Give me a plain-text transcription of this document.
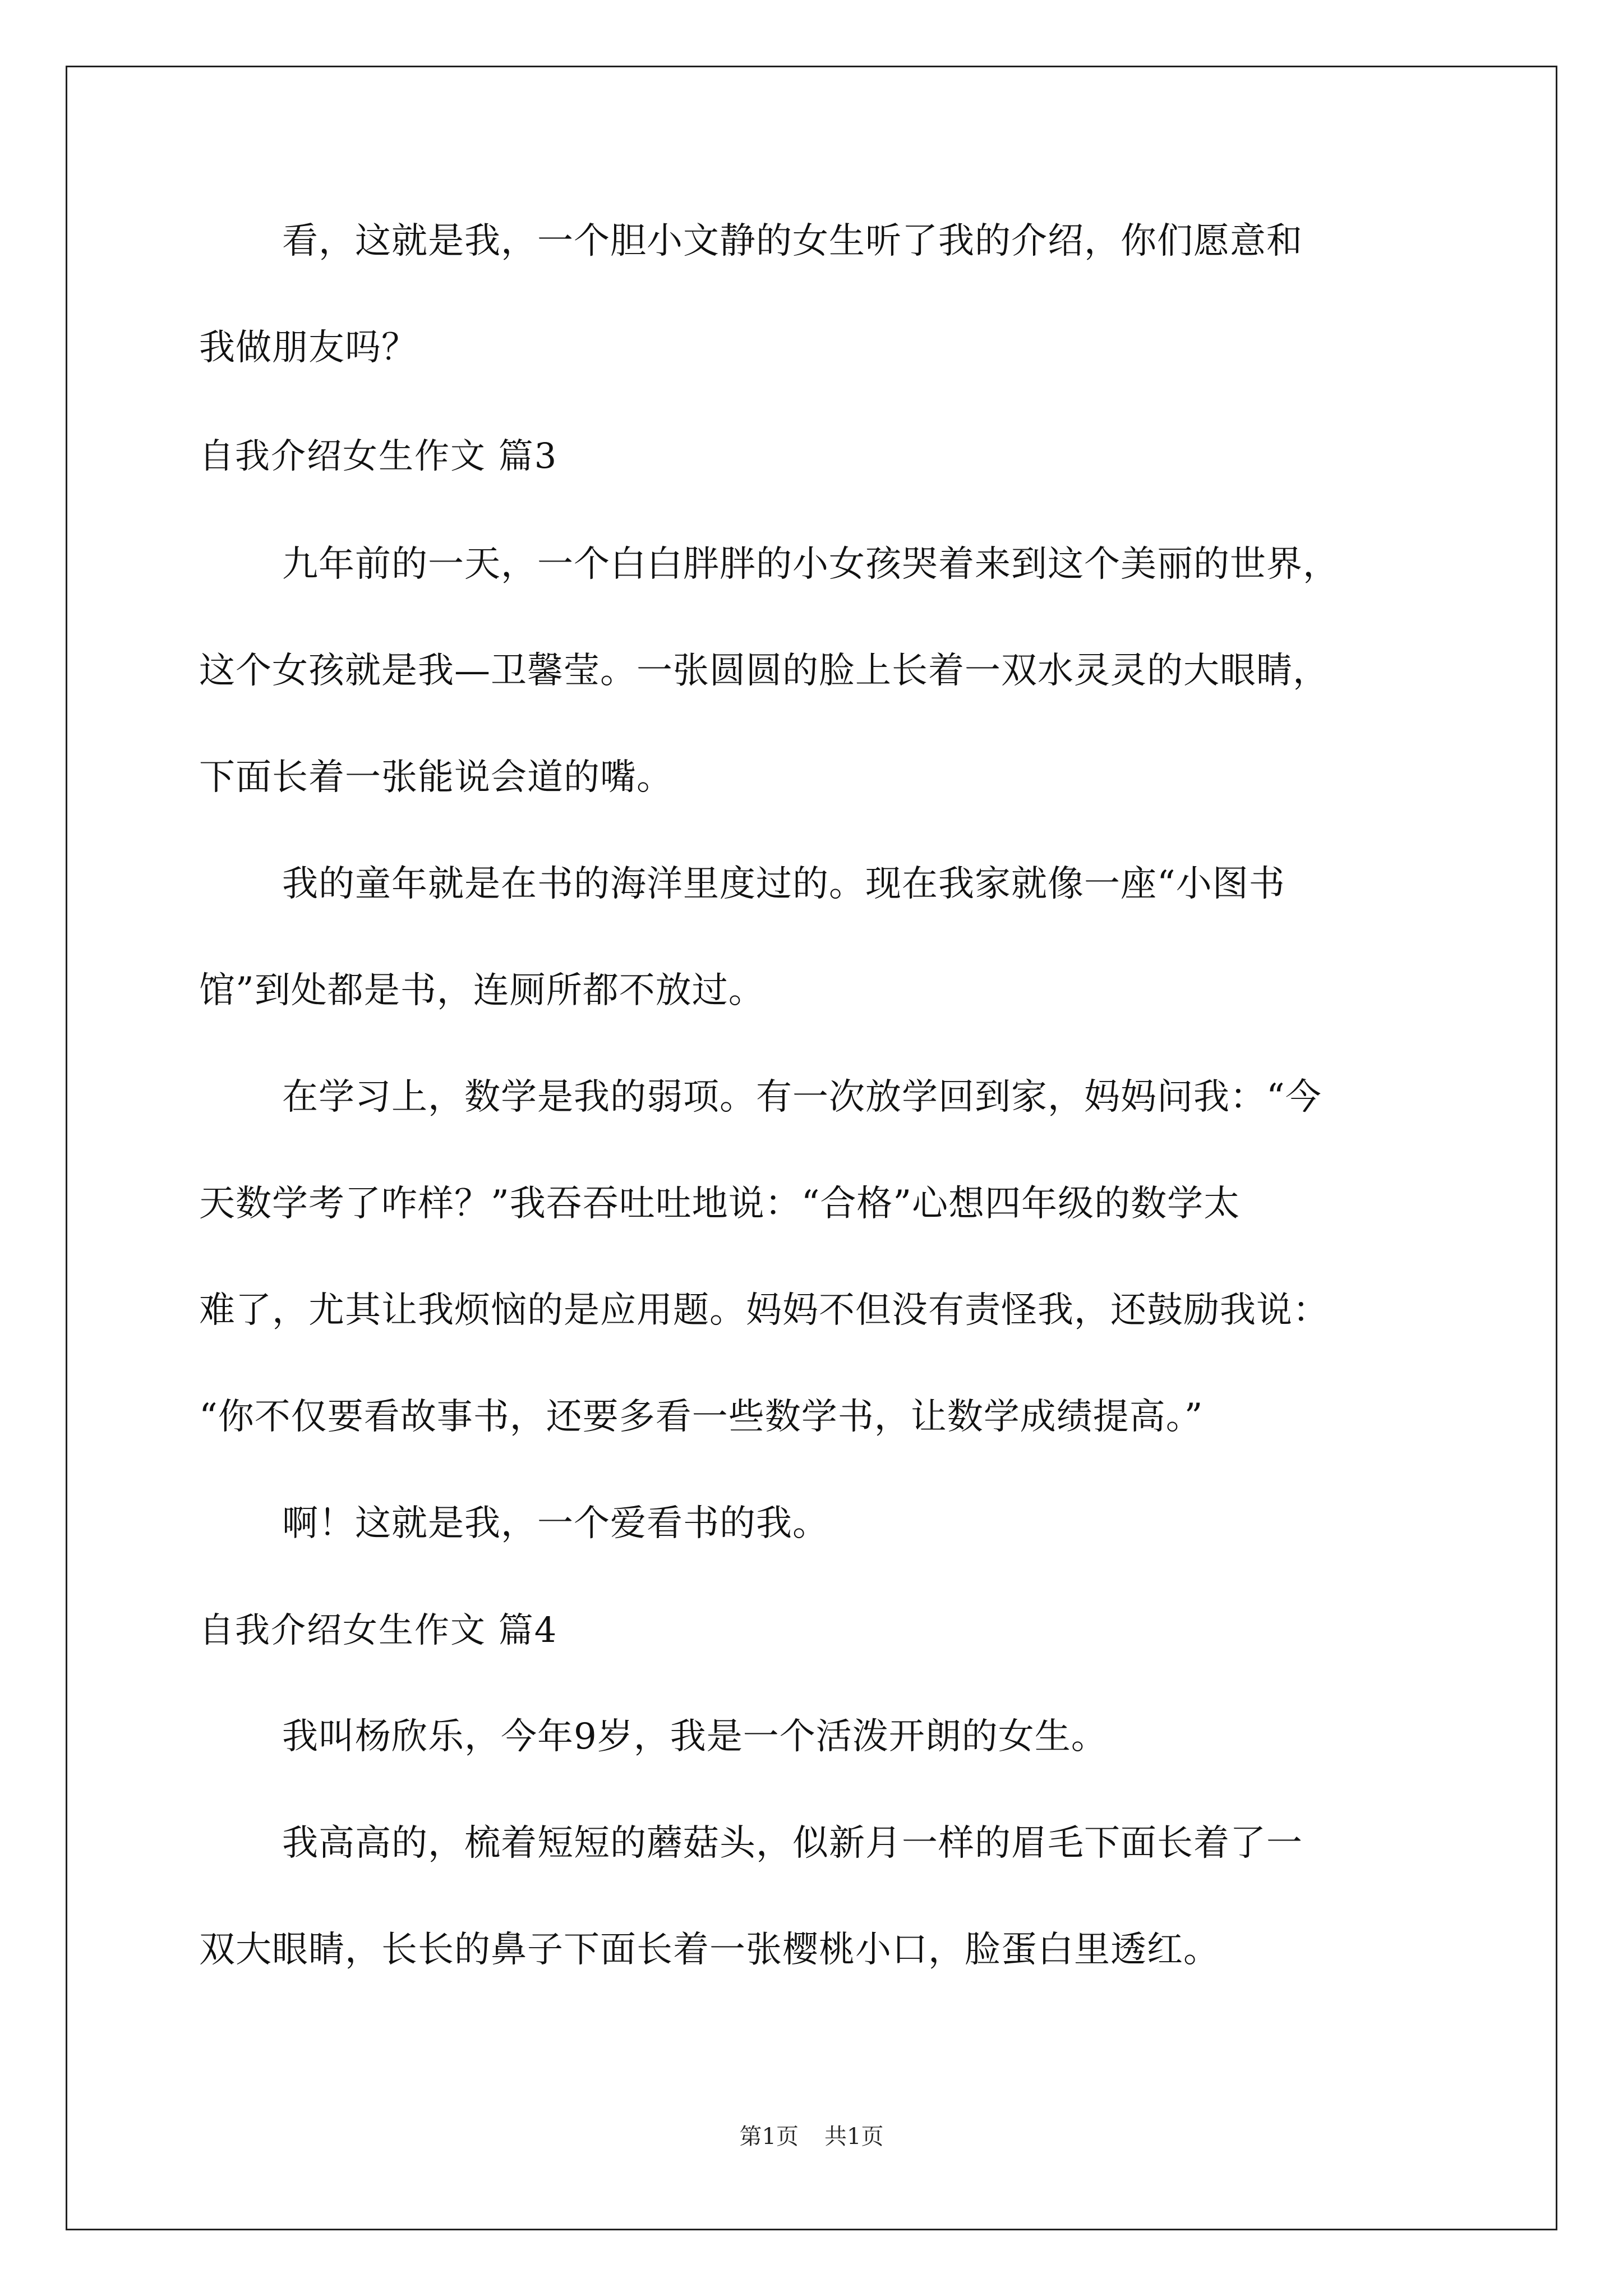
看，这就是我，一个胆小文静的女生听了我的介绍，你们愿意和
我做朋友吗？
自我介绍女生作文 篇3
九年前的一天，一个白白胖胖的小女孩哭着来到这个美丽的世界，
这个女孩就是我—卫馨莹。一张圆圆的脸上长着一双水灵灵的大眼睛，
下面长着一张能说会道的嘴。
我的童年就是在书的海洋里度过的。现在我家就像一座“小图书
馆”到处都是书，连厕所都不放过。
在学习上，数学是我的弱项。有一次放学回到家，妈妈问我：“今
天数学考了咋样？”我吞吞吐吐地说：“合格”心想四年级的数学太
难了，尤其让我烦恼的是应用题。妈妈不但没有责怪我，还鼓励我说：
“你不仅要看故事书，还要多看一些数学书，让数学成绩提高。”
啊！这就是我，一个爱看书的我。
自我介绍女生作文 篇4
我叫杨欣乐，今年9岁，我是一个活泼开朗的女生。
我高高的，梳着短短的蘑菇头，似新月一样的眉毛下面长着了一
双大眼睛，长长的鼻子下面长着一张樱桃小口，脸蛋白里透红。
第1页 共1页
